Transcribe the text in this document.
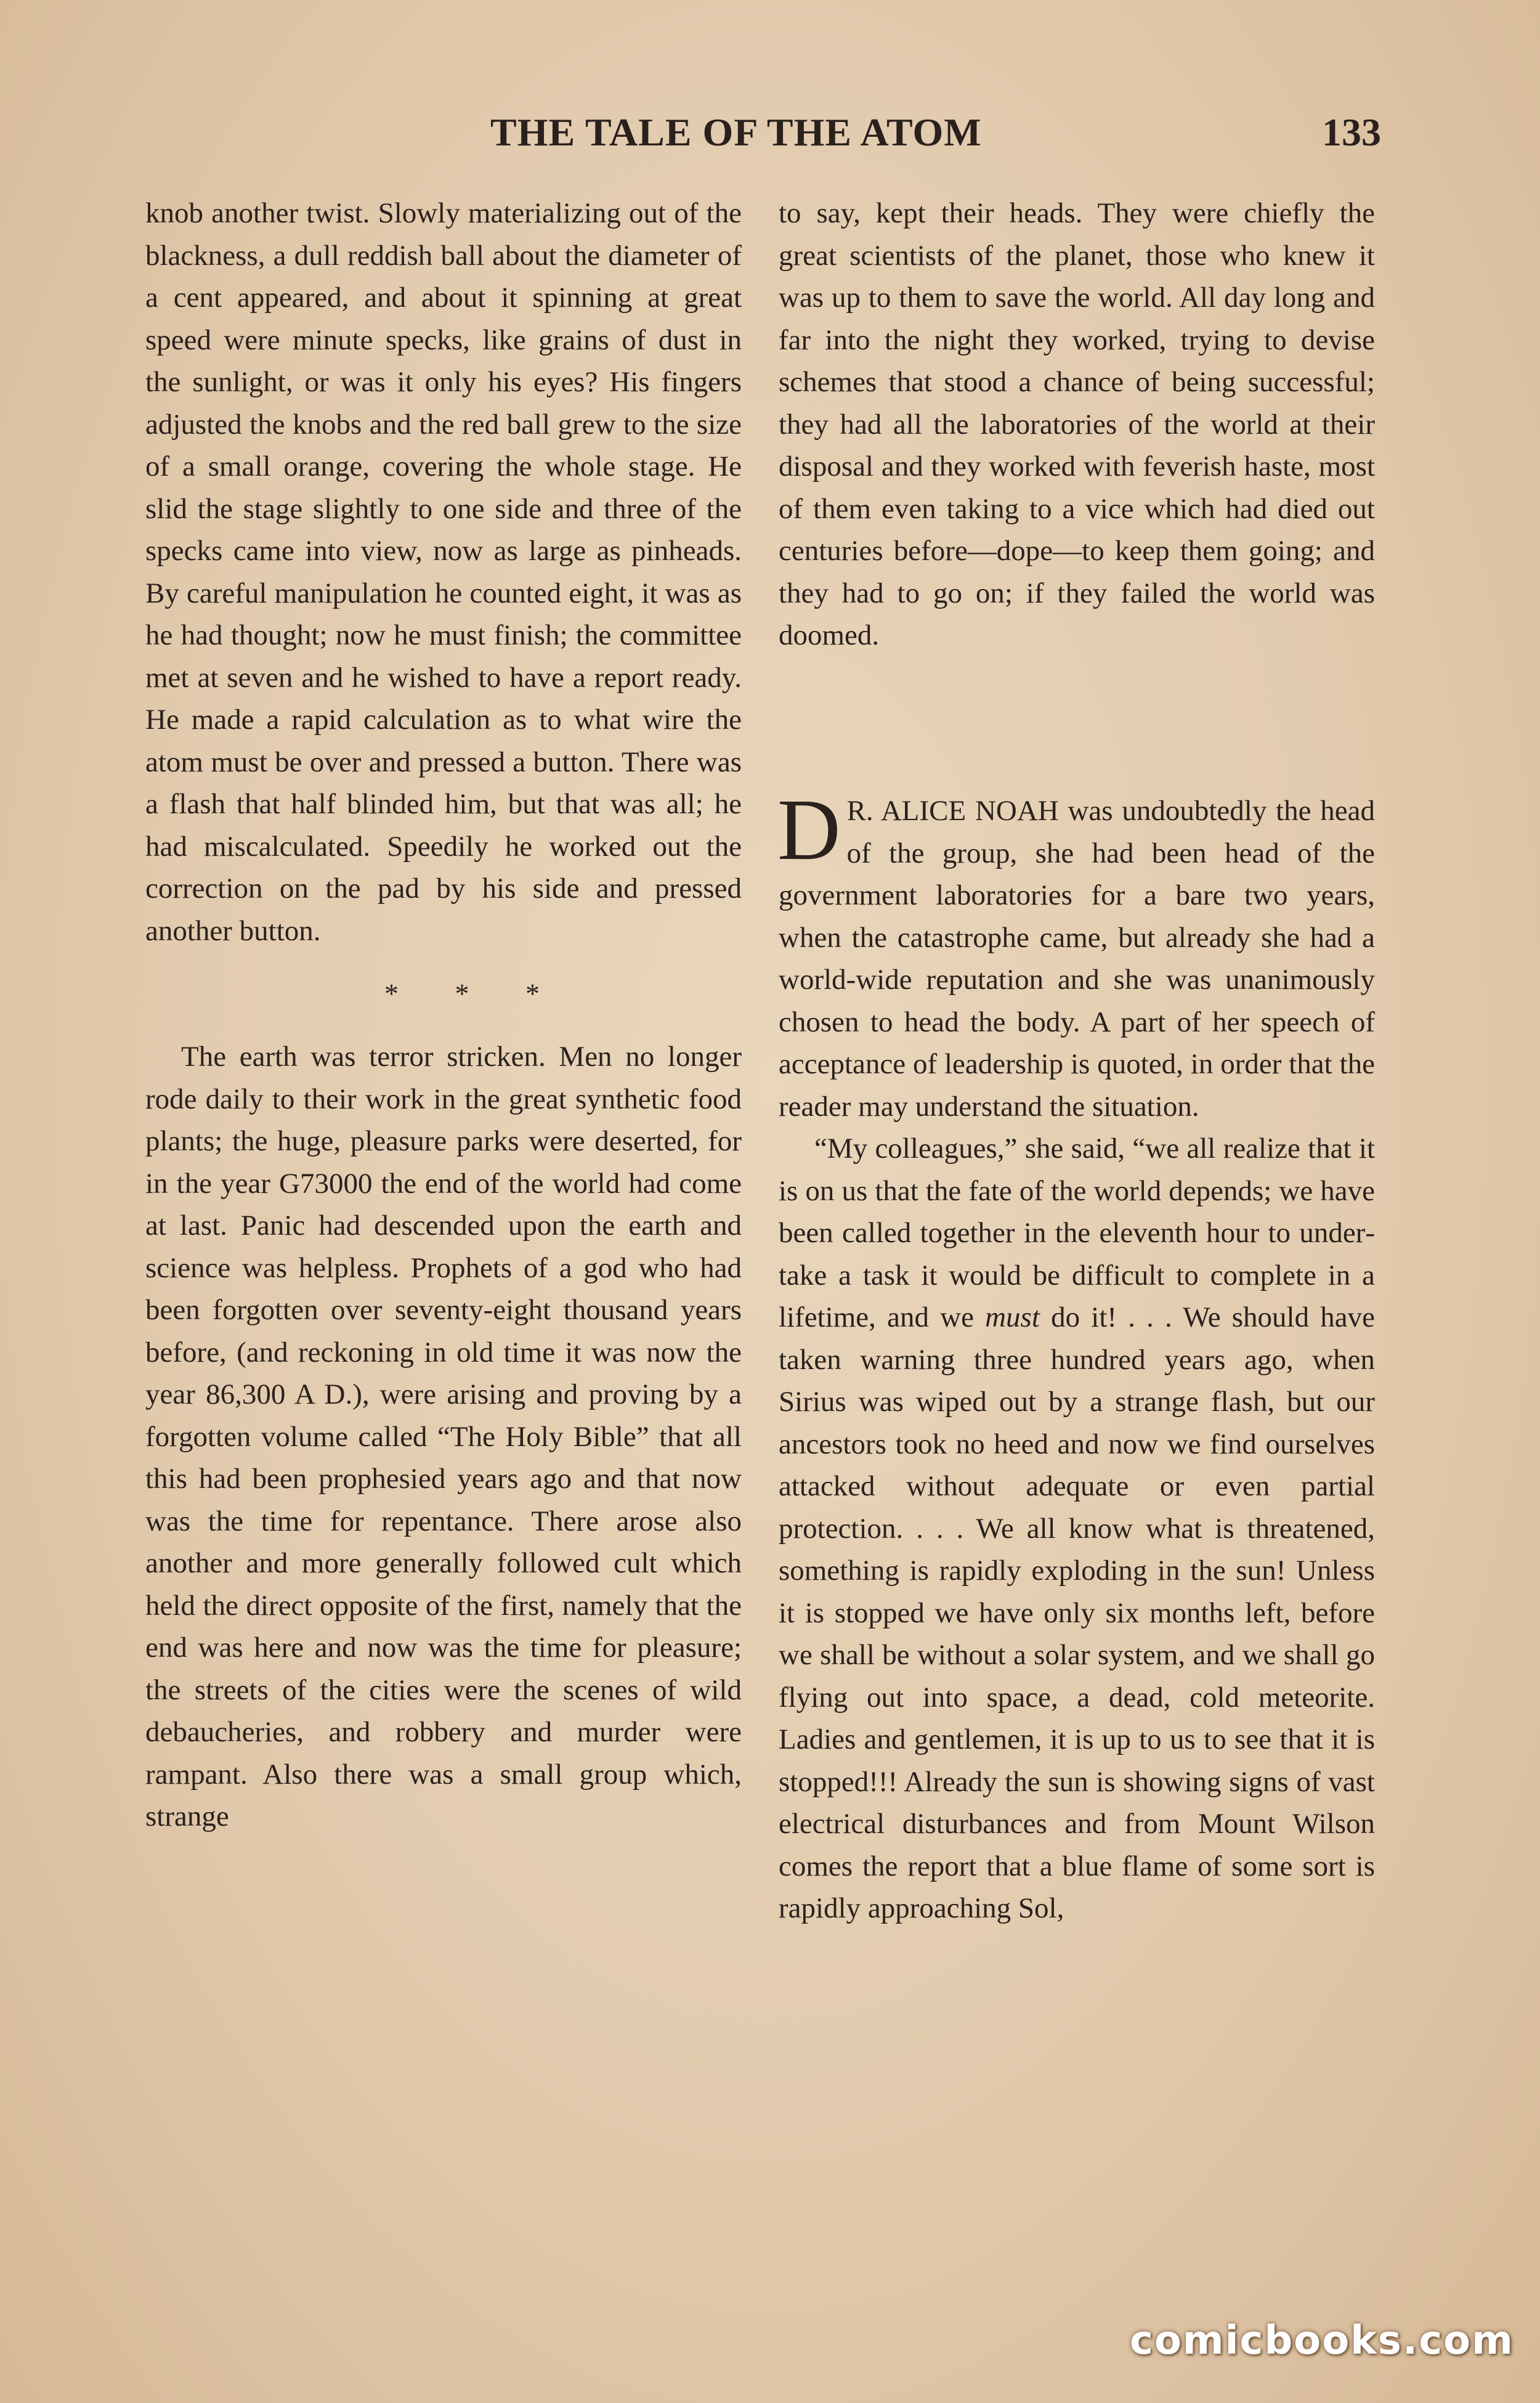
THE TALE OF THE ATOM	133

knob another twist. Slowly materializing out of the blackness, a dull reddish ball about the diameter of a cent appeared, and about it spinning at great speed were minute specks, like grains of dust in the sunlight, or was it only his eyes? His fingers adjusted the knobs and the red ball grew to the size of a small orange, covering the whole stage. He slid the stage slightly to one side and three of the specks came into view, now as large as pinheads. By careful manipulation he counted eight, it was as he had thought; now he must finish; the committee met at seven and he wished to have a report ready. He made a rapid calculation as to what wire the atom must be over and pressed a button. There was a flash that half blinded him, but that was all; he had miscalculated. Speedily he worked out the correction on the pad by his side and pressed another button.

* * *

The earth was terror stricken. Men no longer rode daily to their work in the great synthetic food plants; the huge, pleasure parks were deserted, for in the year G73000 the end of the world had come at last. Panic had descended upon the earth and science was helpless. Prophets of a god who had been forgotten over seventy-eight thousand years before, (and reckoning in old time it was now the year 86,300 A D.), were arising and proving by a forgotten volume called “The Holy Bible” that all this had been prophesied years ago and that now was the time for repentance. There arose also another and more generally followed cult which held the direct opposite of the first, namely that the end was here and now was the time for pleasure; the streets of the cities were the scenes of wild debaucheries, and robbery and murder were rampant. Also there was a small group which, strange

to say, kept their heads. They were chiefly the great scientists of the planet, those who knew it was up to them to save the world. All day long and far into the night they worked, trying to devise schemes that stood a chance of being successful; they had all the laboratories of the world at their disposal and they worked with feverish haste, most of them even taking to a vice which had died out centuries before—dope—to keep them going; and they had to go on; if they failed the world was doomed.

D R. ALICE NOAH was undoubtedly the head of the group, she had been head of the government laboratories for a bare two years, when the catastrophe came, but already she had a world-wide reputation and she was unanimously chosen to head the body. A part of her speech of acceptance of leadership is quoted, in order that the reader may understand the situation.

“My colleagues,” she said, “we all realize that it is on us that the fate of the world depends; we have been called together in the eleventh hour to undertake a task it would be difficult to complete in a lifetime, and we must do it! . . . We should have taken warning three hundred years ago, when Sirius was wiped out by a strange flash, but our ancestors took no heed and now we find ourselves attacked without adequate or even partial protection. . . . We all know what is threatened, something is rapidly exploding in the sun! Unless it is stopped we have only six months left, before we shall be without a solar system, and we shall go flying out into space, a dead, cold meteorite. Ladies and gentlemen, it is up to us to see that it is stopped!!! Already the sun is showing signs of vast electrical disturbances and from Mount Wilson comes the report that a blue flame of some sort is rapidly approaching Sol,

comicbooks.com
